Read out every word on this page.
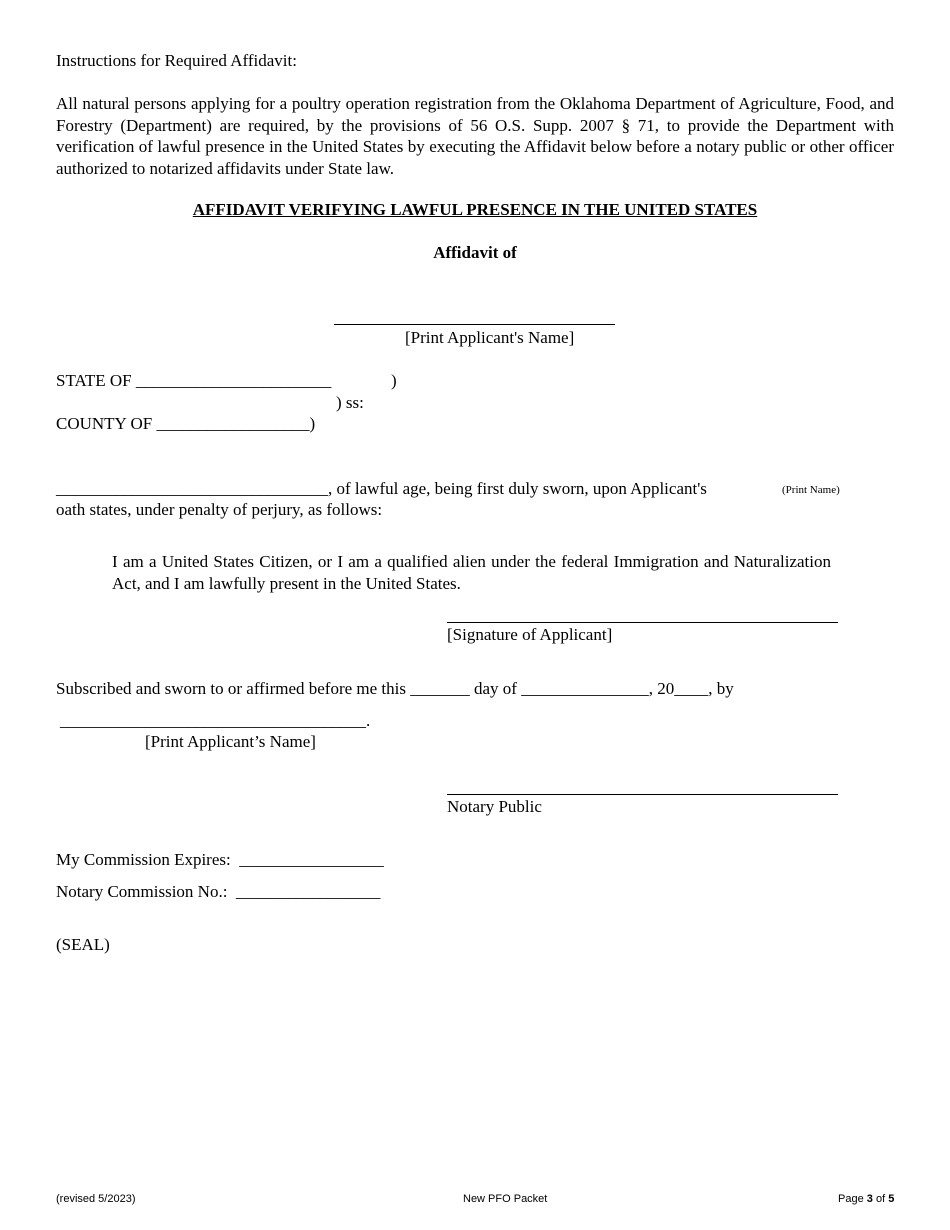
Instructions for Required Affidavit:

All natural persons applying for a poultry operation registration from the Oklahoma Department of Agriculture, Food, and Forestry (Department) are required, by the provisions of 56 O.S. Supp. 2007 § 71, to provide the Department with verification of lawful presence in the United States by executing the Affidavit below before a notary public or other officer authorized to notarized affidavits under State law.

AFFIDAVIT VERIFYING LAWFUL PRESENCE IN THE UNITED STATES
Affidavit of
[Print Applicant's Name]
STATE OF _______________________	)
) ss:
COUNTY OF __________________)
________________________________, of lawful age, being first duly sworn, upon Applicant's	(Print Name)
oath states, under penalty of perjury, as follows:
I am a United States Citizen, or I am a qualified alien under the federal Immigration and Naturalization Act, and I am lawfully present in the United States.
[Signature of Applicant]
Subscribed and sworn to or affirmed before me this _______ day of _______________, 20____, by
____________________________________.
[Print Applicant’s Name]
Notary Public
My Commission Expires: _________________
Notary Commission No.: _________________
(SEAL)
(revised 5/2023)	New PFO Packet	Page 3 of 5
